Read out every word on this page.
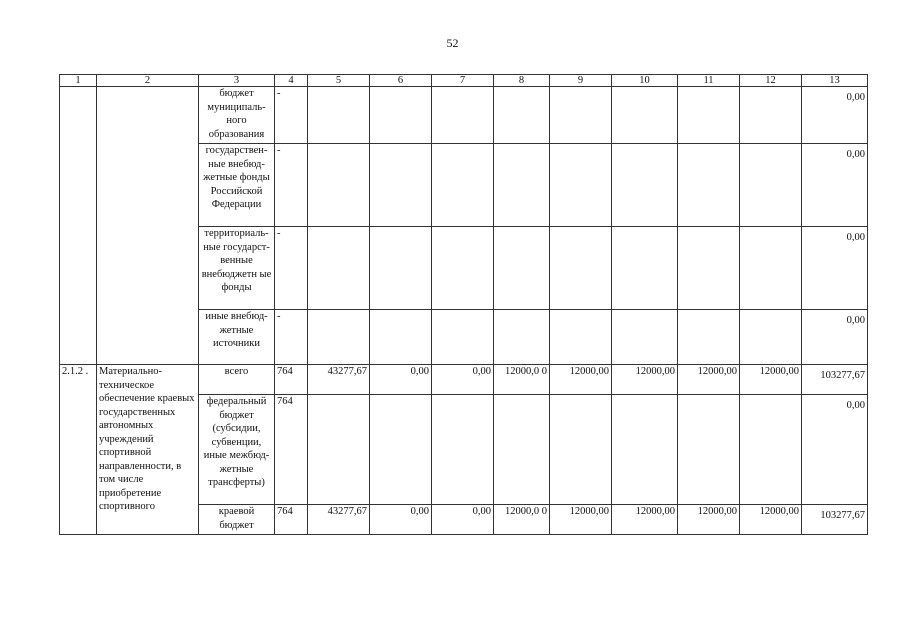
52
1	2	3	4	5	6	7	8	9	10	11	12	13
		бюджет муниципаль-ного образования	-									0,00
		государствен-ные внебюд-жетные фонды Российской Федерации	-									0,00
		территориаль-ные государст-венные внебюджетн ые фонды	-									0,00
		иные внебюд-жетные источники	-									0,00
2.1.2 .	Материально-техническое обеспечение краевых государственных автономных учреждений спортивной направленности, в том числе приобретение спортивного	всего	764	43277,67	0,00	0,00	12000,0 0	12000,00	12000,00	12000,00	12000,00	103277,67
		федеральный бюджет (субсидии, субвенции, иные межбюд-жетные трансферты)	764									0,00
		краевой бюджет	764	43277,67	0,00	0,00	12000,0 0	12000,00	12000,00	12000,00	12000,00	103277,67
